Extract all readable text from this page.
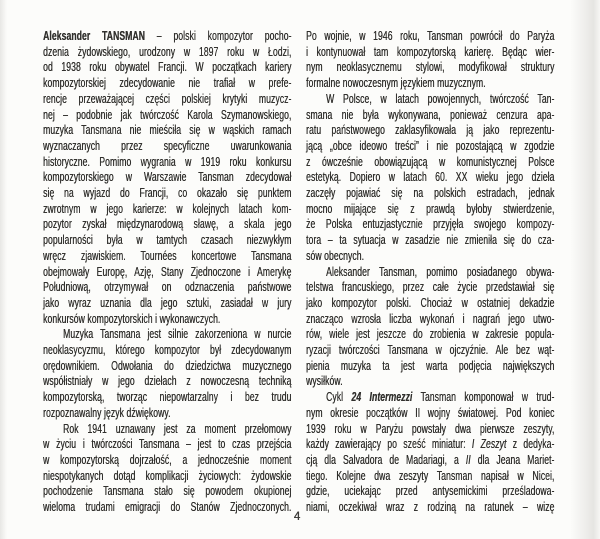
Aleksander TANSMAN – polski kompozytor pocho-
dzenia żydowskiego, urodzony w 1897 roku w Łodzi,
od 1938 roku obywatel Francji. W początkach kariery
kompozytorskiej zdecydowanie nie trafiał w prefe-
rencje przeważającej części polskiej krytyki muzycz-
nej – podobnie jak twórczość Karola Szymanowskiego,
muzyka Tansmana nie mieściła się w wąskich ramach
wyznaczanych przez specyficzne uwarunkowania
historyczne. Pomimo wygrania w 1919 roku konkursu
kompozytorskiego w Warszawie Tansman zdecydował
się na wyjazd do Francji, co okazało się punktem
zwrotnym w jego karierze: w kolejnych latach kom-
pozytor zyskał międzynarodową sławę, a skala jego
popularności była w tamtych czasach niezwykłym
wręcz zjawiskiem. Tournées koncertowe Tansmana
obejmowały Europę, Azję, Stany Zjednoczone i Amerykę
Południową, otrzymywał on odznaczenia państwowe
jako wyraz uznania dla jego sztuki, zasiadał w jury
konkursów kompozytorskich i wykonawczych.
Muzyka Tansmana jest silnie zakorzeniona w nurcie
neoklasycyzmu, którego kompozytor był zdecydowanym
orędownikiem. Odwołania do dziedzictwa muzycznego
współistniały w jego dziełach z nowoczesną techniką
kompozytorską, tworząc niepowtarzalny i bez trudu
rozpoznawalny język dźwiękowy.
Rok 1941 uznawany jest za moment przełomowy
w życiu i twórczości Tansmana – jest to czas przejścia
w kompozytorską dojrzałość, a jednocześnie moment
niespotykanych dotąd komplikacji życiowych: żydowskie
pochodzenie Tansmana stało się powodem okupionej
wieloma trudami emigracji do Stanów Zjednoczonych.
Po wojnie, w 1946 roku, Tansman powrócił do Paryża
i kontynuował tam kompozytorską karierę. Będąc wier-
nym neoklasycznemu stylowi, modyfikował struktury
formalne nowoczesnym językiem muzycznym.
W Polsce, w latach powojennych, twórczość Tan-
smana nie była wykonywana, ponieważ cenzura apa-
ratu państwowego zaklasyfikowała ją jako reprezentu-
jącą „obce ideowo treści” i nie pozostającą w zgodzie
z ówcześnie obowiązującą w komunistycznej Polsce
estetyką. Dopiero w latach 60. XX wieku jego dzieła
zaczęły pojawiać się na polskich estradach, jednak
mocno mijające się z prawdą byłoby stwierdzenie,
że Polska entuzjastycznie przyjęła swojego kompozy-
tora – ta sytuacja w zasadzie nie zmieniła się do cza-
sów obecnych.
Aleksander Tansman, pomimo posiadanego obywa-
telstwa francuskiego, przez całe życie przedstawiał się
jako kompozytor polski. Chociaż w ostatniej dekadzie
znacząco wzrosła liczba wykonań i nagrań jego utwo-
rów, wiele jest jeszcze do zrobienia w zakresie popula-
ryzacji twórczości Tansmana w ojczyźnie. Ale bez wąt-
pienia muzyka ta jest warta podjęcia największych
wysiłków.
Cykl 24 Intermezzi Tansman komponował w trud-
nym okresie początków II wojny światowej. Pod koniec
1939 roku w Paryżu powstały dwa pierwsze zeszyty,
każdy zawierający po sześć miniatur: I Zeszyt z dedyka-
cją dla Salvadora de Madariagi, a II dla Jeana Mariet-
tiego. Kolejne dwa zeszyty Tansman napisał w Nicei,
gdzie, uciekając przed antysemickimi prześladowa-
niami, oczekiwał wraz z rodziną na ratunek – wizę
4
